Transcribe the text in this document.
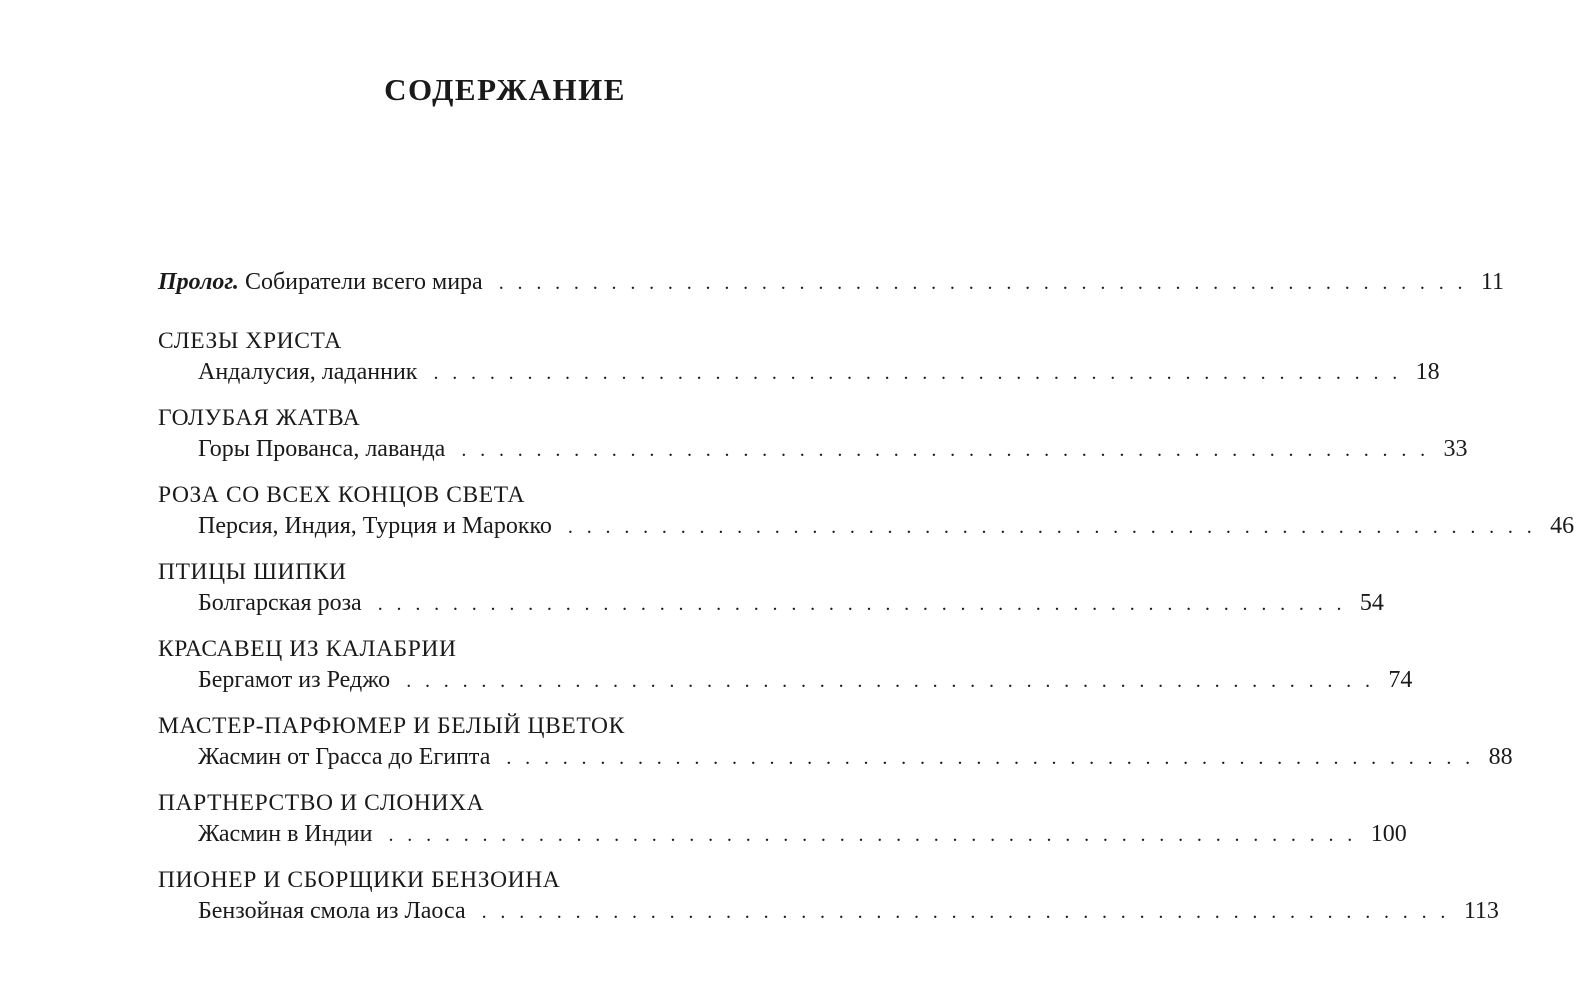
СОДЕРЖАНИЕ
Пролог. Собиратели всего мира . . . . . . . . . . . . . . . . . . . . . . . . . . . . . . . . . . . . . . . . . . . . . . . . . . . . 11
СЛЕЗЫ ХРИСТА
Андалусия, ладанник . . . . . . . . . . . . . . . . . . . . . . . . . . . . . . . . . . . . . . . . . . . . . . . . . . . . 18
ГОЛУБАЯ ЖАТВА
Горы Прованса, лаванда . . . . . . . . . . . . . . . . . . . . . . . . . . . . . . . . . . . . . . . . . . . . . . . . . . . . 33
РОЗА СО ВСЕХ КОНЦОВ СВЕТА
Персия, Индия, Турция и Марокко . . . . . . . . . . . . . . . . . . . . . . . . . . . . . . . . . . . . . . . . . . . . . . . . . . . . 46
ПТИЦЫ ШИПКИ
Болгарская роза . . . . . . . . . . . . . . . . . . . . . . . . . . . . . . . . . . . . . . . . . . . . . . . . . . . . 54
КРАСАВЕЦ ИЗ КАЛАБРИИ
Бергамот из Реджо . . . . . . . . . . . . . . . . . . . . . . . . . . . . . . . . . . . . . . . . . . . . . . . . . . . . 74
МАСТЕР-ПАРФЮМЕР И БЕЛЫЙ ЦВЕТОК
Жасмин от Грасса до Египта . . . . . . . . . . . . . . . . . . . . . . . . . . . . . . . . . . . . . . . . . . . . . . . . . . . . 88
ПАРТНЕРСТВО И СЛОНИХА
Жасмин в Индии . . . . . . . . . . . . . . . . . . . . . . . . . . . . . . . . . . . . . . . . . . . . . . . . . . . . 100
ПИОНЕР И СБОРЩИКИ БЕНЗОИНА
Бензойная смола из Лаоса . . . . . . . . . . . . . . . . . . . . . . . . . . . . . . . . . . . . . . . . . . . . . . . . . . . . 113
